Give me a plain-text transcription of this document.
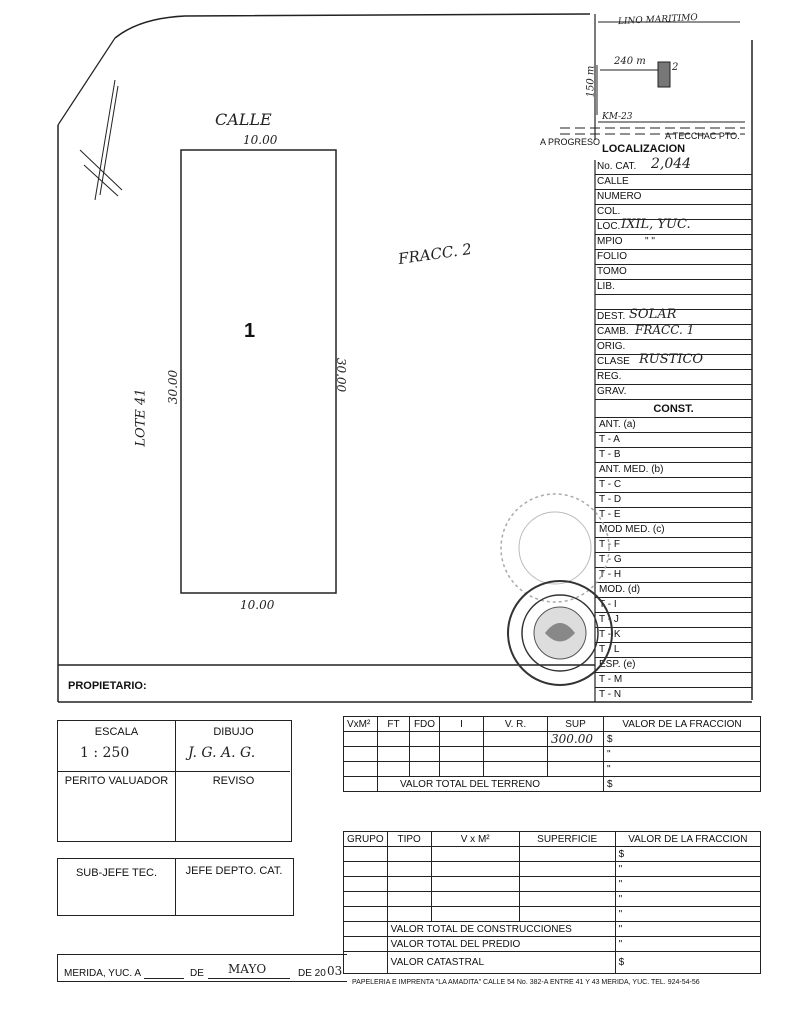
CALLE
10.00
10.00
30.00	30.00
1
LOTE 41
FRACC. 2
LINO MARITIMO
240 m
150 m	2
KM-23
A PROGRESO
A TECCHAC PTO.
LOCALIZACION
No. CAT. 2,044
CALLE
NUMERO
COL.
LOC. IXIL, YUC.
MPIO " "
FOLIO
TOMO
LIB.
DEST. SOLAR
CAMB. FRACC. 1
ORIG.
CLASE RUSTICO
REG.
GRAV.
CONST.
ANT. (a)
T - A
T - B
ANT. MED. (b)
T - C
T - D
T - E
MOD MED. (c)
T - F
T - G
T - H
MOD. (d)
T - I
T - J
T - K
T - L
ESP. (e)
T - M
T - N
PROPIETARIO:
ESCALA
1 : 250
DIBUJO
J. G. A. G.
PERITO VALUADOR	REVISO
SUB-JEFE TEC.	JEFE DEPTO. CAT.
VxM²	FT	FDO	I	V. R.	SUP	VALOR DE LA FRACCION
					300.00	$
						"
						"
	VALOR TOTAL DEL TERRENO					$
GRUPO	TIPO	V x M²	SUPERFICIE	VALOR DE LA FRACCION
				$
				"
				"
				"
				"
	VALOR TOTAL DE CONSTRUCCIONES			"
	VALOR TOTAL DEL PREDIO			"
	VALOR CATASTRAL			$
MERIDA, YUC. A	DE MAYO	DE 20 03
PAPELERIA E IMPRENTA "LA AMADITA" CALLE 54 No. 382-A ENTRE 41 Y 43 MERIDA, YUC. TEL. 924-54-56
